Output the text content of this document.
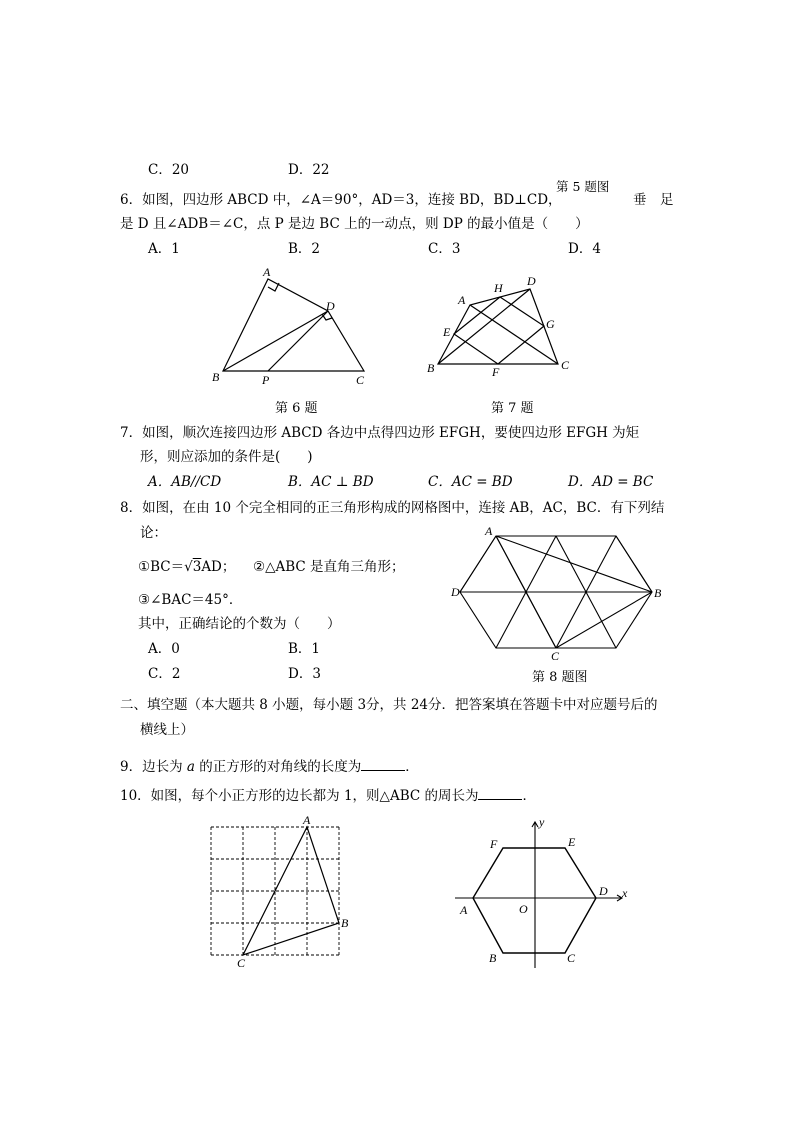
C．20	D．22
第 5 题图
6．如图，四边形 ABCD 中，∠A＝90°，AD＝3，连接 BD，BD⊥CD，	垂　足
是 D 且∠ADB＝∠C，点 P 是边 BC 上的一动点，则 DP 的最小值是（　　）
A．1	B．2	C．3	D．4
A
B	C
D
P
第 6 题
A
B	C
D
E
F
G
H
第 7 题
7．如图，顺次连接四边形 ABCD 各边中点得四边形 EFGH，要使四边形 EFGH 为矩
形，则应添加的条件是(　　)
A．AB//CD	B．AC ⊥ BD	C．AC = BD	D．AD = BC
8．如图，在由 10 个完全相同的正三角形构成的网格图中，连接 AB，AC，BC．有下列结
论：
①BC＝√3AD； ②△ABC 是直角三角形；
③∠BAC＝45°．
其中，正确结论的个数为（　　）
A．0	B．1
C．2	D．3
A
B
C
D
第 8 题图
二、填空题（本大题共 8 小题，每小题 3分，共 24分．把答案填在答题卡中对应题号后的
横线上）
9．边长为 a 的正方形的对角线的长度为	．
10．如图，每个小正方形的边长都为 1，则△ABC 的周长为	．
A
B
C
A
B	C
D
E
F
O
x
y
